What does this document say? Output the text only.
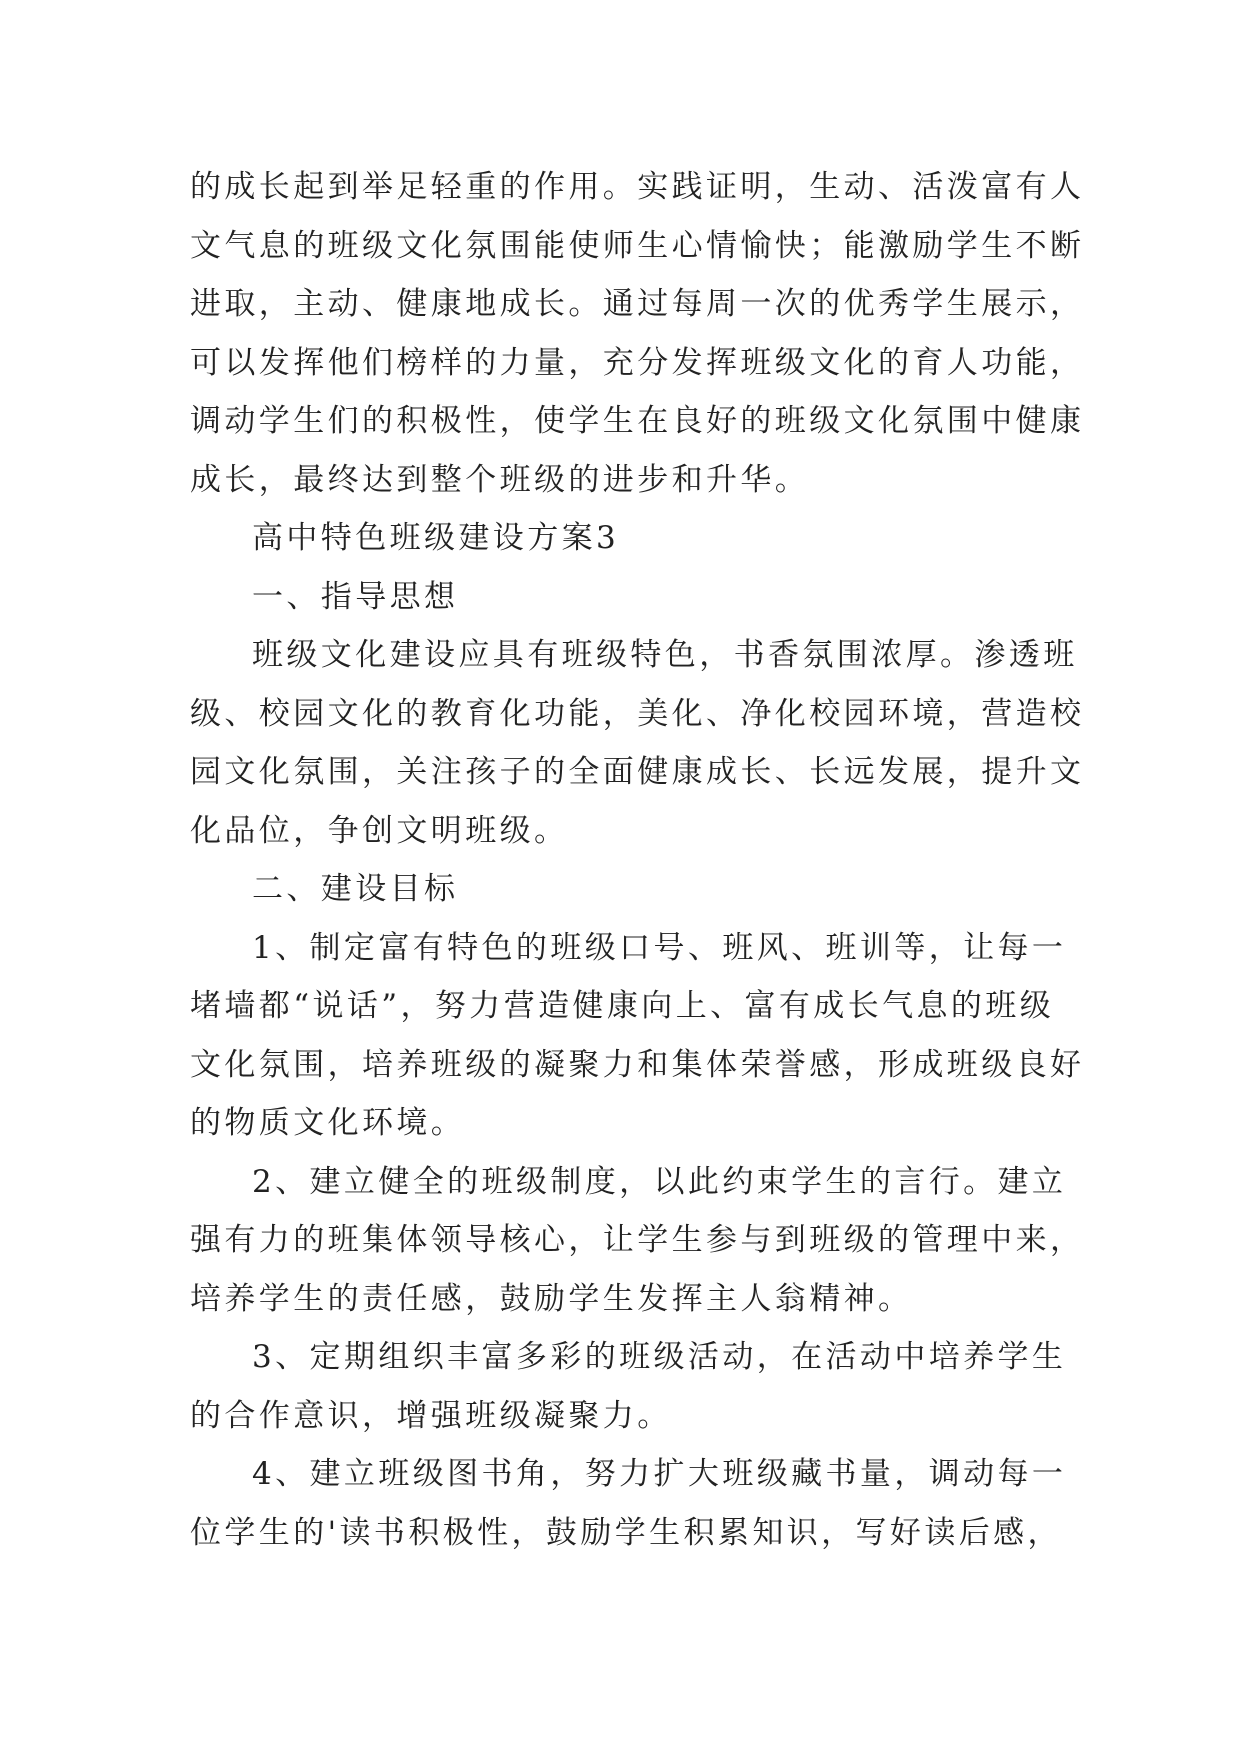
的成长起到举足轻重的作用。实践证明，生动、活泼富有人
文气息的班级文化氛围能使师生心情愉快；能激励学生不断
进取，主动、健康地成长。通过每周一次的优秀学生展示，
可以发挥他们榜样的力量，充分发挥班级文化的育人功能，
调动学生们的积极性，使学生在良好的班级文化氛围中健康
成长，最终达到整个班级的进步和升华。
高中特色班级建设方案3
一、指导思想
班级文化建设应具有班级特色，书香氛围浓厚。渗透班
级、校园文化的教育化功能，美化、净化校园环境，营造校
园文化氛围，关注孩子的全面健康成长、长远发展，提升文
化品位，争创文明班级。
二、建设目标
1、制定富有特色的班级口号、班风、班训等，让每一
堵墙都“说话”，努力营造健康向上、富有成长气息的班级
文化氛围，培养班级的凝聚力和集体荣誉感，形成班级良好
的物质文化环境。
2、建立健全的班级制度，以此约束学生的言行。建立
强有力的班集体领导核心，让学生参与到班级的管理中来，
培养学生的责任感，鼓励学生发挥主人翁精神。
3、定期组织丰富多彩的班级活动，在活动中培养学生
的合作意识，增强班级凝聚力。
4、建立班级图书角，努力扩大班级藏书量，调动每一
位学生的'读书积极性，鼓励学生积累知识，写好读后感，
